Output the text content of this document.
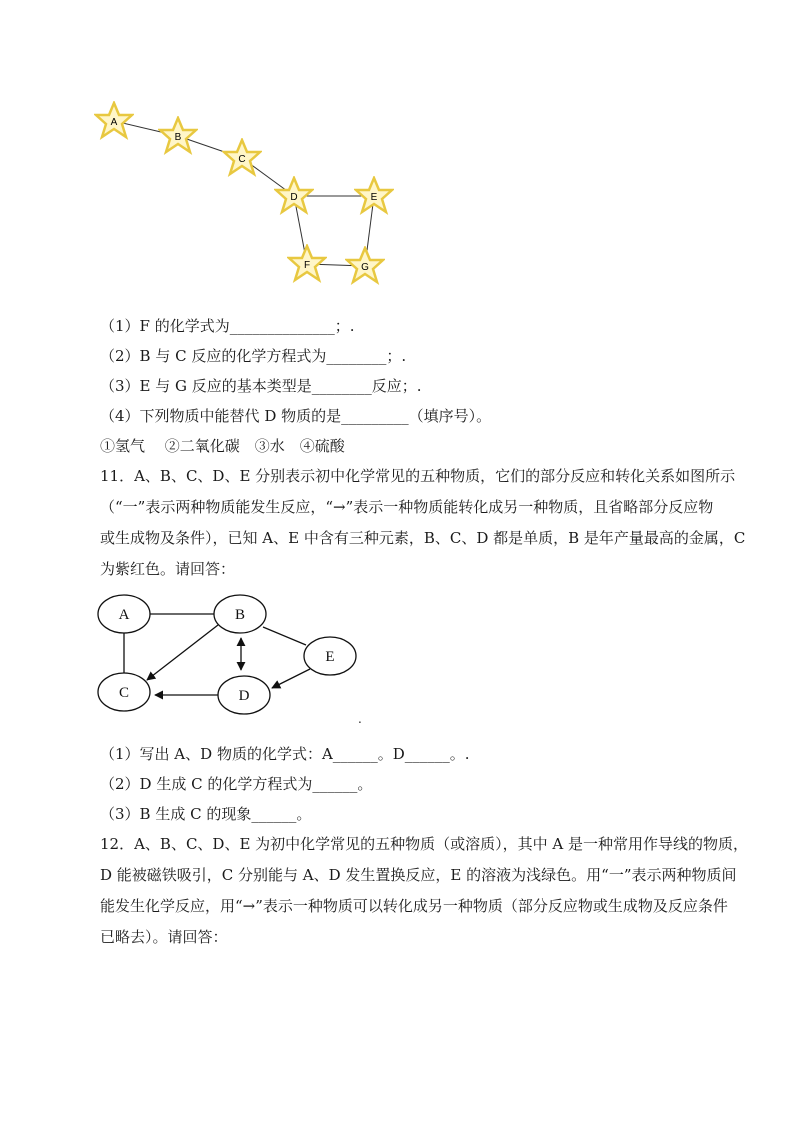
A
B
C
D	E
F	G
（1）F 的化学式为______________；.
（2）B 与 C 反应的化学方程式为________；.
（3）E 与 G 反应的基本类型是________反应；.
（4）下列物质中能替代 D 物质的是_________（填序号）。
①氢气　 ②二氧化碳　③水　④硫酸
11．A、B、C、D、E 分别表示初中化学常见的五种物质，它们的部分反应和转化关系如图所示
（“一”表示两种物质能发生反应，“→”表示一种物质能转化成另一种物质，且省略部分反应物
或生成物及条件），已知 A、E 中含有三种元素，B、C、D 都是单质，B 是年产量最高的金属，C
为紫红色。请回答：
A	B
C	D
E
.
（1）写出 A、D 物质的化学式：A______。D______。.
（2）D 生成 C 的化学方程式为______。
（3）B 生成 C 的现象______。
12．A、B、C、D、E 为初中化学常见的五种物质（或溶质），其中 A 是一种常用作导线的物质，
D 能被磁铁吸引，C 分别能与 A、D 发生置换反应，E 的溶液为浅绿色。用“一”表示两种物质间
能发生化学反应，用“→”表示一种物质可以转化成另一种物质（部分反应物或生成物及反应条件
已略去）。请回答：
